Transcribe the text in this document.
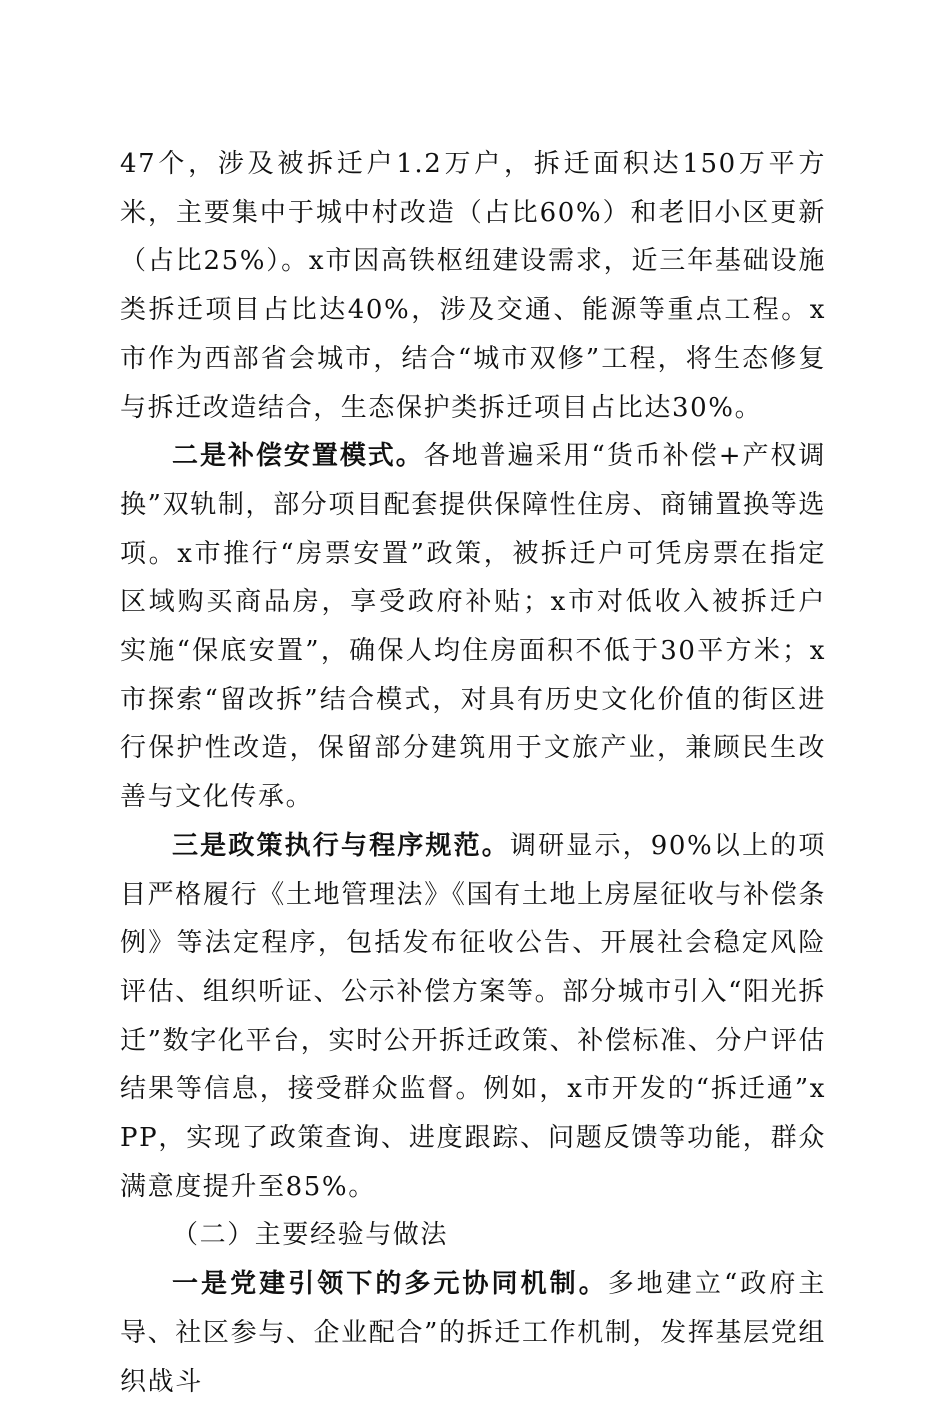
47个，涉及被拆迁户1.2万户，拆迁面积达150万平方米，主要集中于城中村改造（占比60%）和老旧小区更新（占比25%）。x市因高铁枢纽建设需求，近三年基础设施类拆迁项目占比达40%，涉及交通、能源等重点工程。x市作为西部省会城市，结合“城市双修”工程，将生态修复与拆迁改造结合，生态保护类拆迁项目占比达30%。

二是补偿安置模式。各地普遍采用“货币补偿+产权调换”双轨制，部分项目配套提供保障性住房、商铺置换等选项。x市推行“房票安置”政策，被拆迁户可凭房票在指定区域购买商品房，享受政府补贴；x市对低收入被拆迁户实施“保底安置”，确保人均住房面积不低于30平方米；x市探索“留改拆”结合模式，对具有历史文化价值的街区进行保护性改造，保留部分建筑用于文旅产业，兼顾民生改善与文化传承。

三是政策执行与程序规范。调研显示，90%以上的项目严格履行《土地管理法》《国有土地上房屋征收与补偿条例》等法定程序，包括发布征收公告、开展社会稳定风险评估、组织听证、公示补偿方案等。部分城市引入“阳光拆迁”数字化平台，实时公开拆迁政策、补偿标准、分户评估结果等信息，接受群众监督。例如，x市开发的“拆迁通”xPP，实现了政策查询、进度跟踪、问题反馈等功能，群众满意度提升至85%。

（二）主要经验与做法

一是党建引领下的多元协同机制。多地建立“政府主导、社区参与、企业配合”的拆迁工作机制，发挥基层党组织战斗
